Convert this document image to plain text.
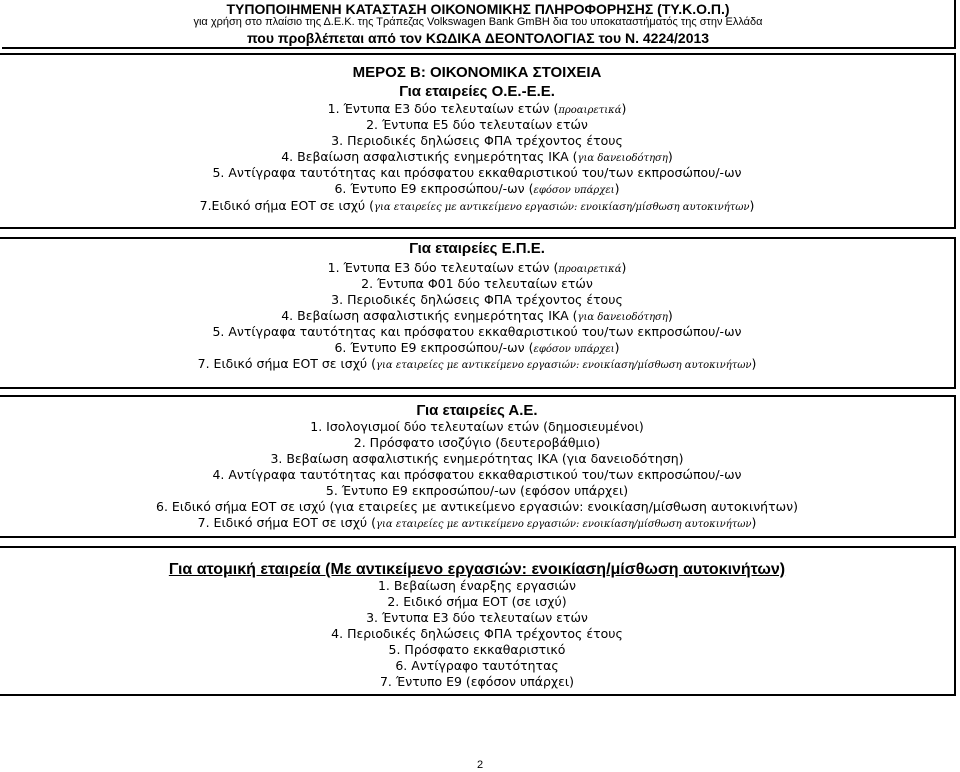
ΤΥΠΟΠΟΙΗΜΕΝΗ ΚΑΤΑΣΤΑΣΗ ΟΙΚΟΝΟΜΙΚΗΣ ΠΛΗΡΟΦΟΡΗΣΗΣ (ΤΥ.Κ.Ο.Π.)
για χρήση στο πλαίσιο της Δ.Ε.Κ. της Τράπεζας Volkswagen Bank GmBH δια του υποκαταστήματός της στην Ελλάδα
που προβλέπεται από τον ΚΩΔΙΚΑ ΔΕΟΝΤΟΛΟΓΙΑΣ του Ν. 4224/2013
ΜΕΡΟΣ Β: ΟΙΚΟΝΟΜΙΚΑ ΣΤΟΙΧΕΙΑ
Για εταιρείες Ο.Ε.-Ε.Ε.
1. Έντυπα Ε3 δύο τελευταίων ετών (προαιρετικά)
2. Έντυπα Ε5 δύο τελευταίων ετών
3. Περιοδικές δηλώσεις ΦΠΑ τρέχοντος έτους
4. Βεβαίωση ασφαλιστικής ενημερότητας ΙΚΑ (για δανειοδότηση)
5. Αντίγραφα ταυτότητας και πρόσφατου εκκαθαριστικού του/των εκπροσώπου/-ων
6. Έντυπο Ε9 εκπροσώπου/-ων (εφόσον υπάρχει)
7.Ειδικό σήμα ΕΟΤ σε ισχύ (για εταιρείες με αντικείμενο εργασιών: ενοικίαση/μίσθωση αυτοκινήτων)
Για εταιρείες Ε.Π.Ε.
1. Έντυπα Ε3 δύο τελευταίων ετών (προαιρετικά)
2. Έντυπα Φ01 δύο τελευταίων ετών
3. Περιοδικές δηλώσεις ΦΠΑ τρέχοντος έτους
4. Βεβαίωση ασφαλιστικής ενημερότητας ΙΚΑ (για δανειοδότηση)
5. Αντίγραφα ταυτότητας και πρόσφατου εκκαθαριστικού του/των εκπροσώπου/-ων
6. Έντυπο Ε9 εκπροσώπου/-ων (εφόσον υπάρχει)
7. Ειδικό σήμα ΕΟΤ σε ισχύ (για εταιρείες με αντικείμενο εργασιών: ενοικίαση/μίσθωση αυτοκινήτων)
Για εταιρείες Α.Ε.
1. Ισολογισμοί δύο τελευταίων ετών (δημοσιευμένοι)
2. Πρόσφατο ισοζύγιο (δευτεροβάθμιο)
3. Βεβαίωση ασφαλιστικής ενημερότητας ΙΚΑ (για δανειοδότηση)
4. Αντίγραφα ταυτότητας και πρόσφατου εκκαθαριστικού του/των εκπροσώπου/-ων
5. Έντυπο Ε9 εκπροσώπου/-ων (εφόσον υπάρχει)
6. Ειδικό σήμα ΕΟΤ σε ισχύ (για εταιρείες με αντικείμενο εργασιών: ενοικίαση/μίσθωση αυτοκινήτων)
7. Ειδικό σήμα ΕΟΤ σε ισχύ (για εταιρείες με αντικείμενο εργασιών: ενοικίαση/μίσθωση αυτοκινήτων)
Για ατομική εταιρεία (Με αντικείμενο εργασιών: ενοικίαση/μίσθωση αυτοκινήτων)
1. Βεβαίωση έναρξης εργασιών
2. Ειδικό σήμα ΕΟΤ (σε ισχύ)
3. Έντυπα Ε3 δύο τελευταίων ετών
4. Περιοδικές δηλώσεις ΦΠΑ τρέχοντος έτους
5. Πρόσφατο εκκαθαριστικό
6. Αντίγραφο ταυτότητας
7. Έντυπο Ε9 (εφόσον υπάρχει)
2
